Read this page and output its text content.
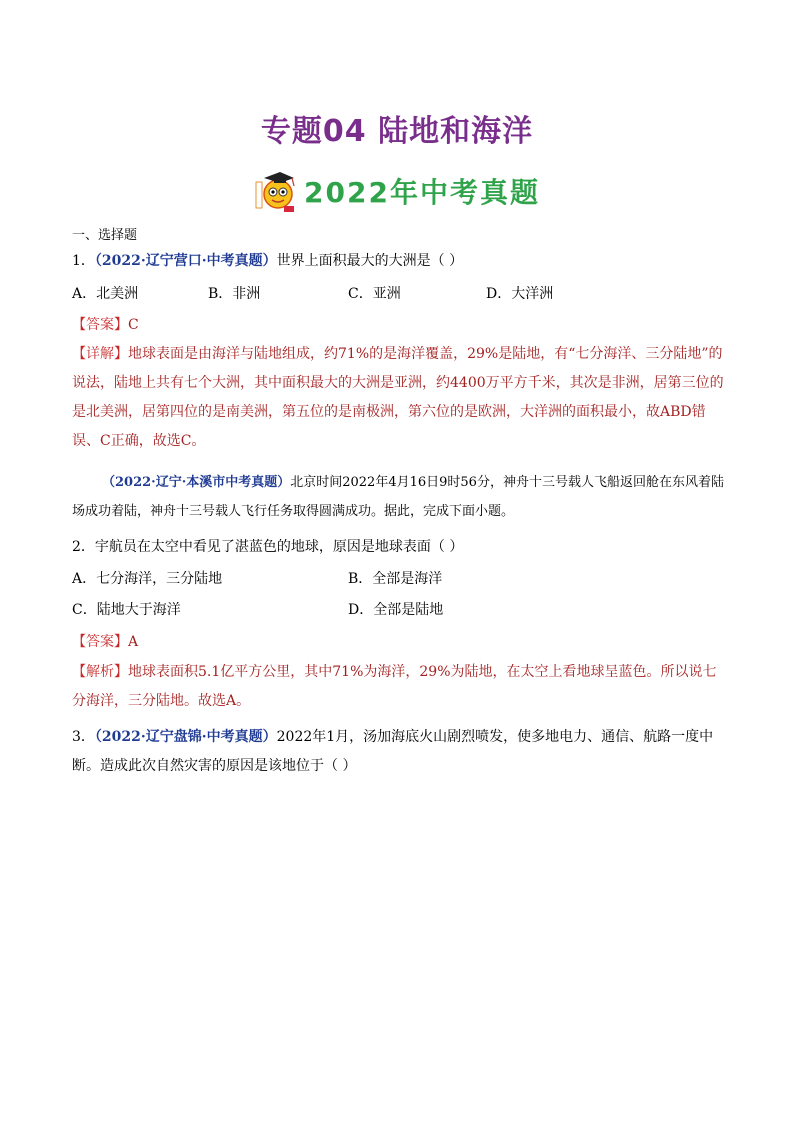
专题04 陆地和海洋
2022年中考真题
一、选择题
1．（2022·辽宁营口·中考真题）世界上面积最大的大洲是（ ）
A．北美洲	B．非洲	C．亚洲	D．大洋洲
【答案】C
【详解】地球表面是由海洋与陆地组成，约71%的是海洋覆盖，29%是陆地，有“七分海洋、三分陆地”的说法，陆地上共有七个大洲，其中面积最大的大洲是亚洲，约4400万平方千米，其次是非洲，居第三位的是北美洲，居第四位的是南美洲，第五位的是南极洲，第六位的是欧洲，大洋洲的面积最小，故ABD错误、C正确，故选C。
（2022·辽宁·本溪市中考真题）北京时间2022年4月16日9时56分，神舟十三号载人飞船返回舱在东风着陆场成功着陆，神舟十三号载人飞行任务取得圆满成功。据此，完成下面小题。
2．宇航员在太空中看见了湛蓝色的地球，原因是地球表面（ ）
A．七分海洋，三分陆地	B．全部是海洋
C．陆地大于海洋	D．全部是陆地
【答案】A
【解析】地球表面积5.1亿平方公里，其中71%为海洋，29%为陆地，在太空上看地球呈蓝色。所以说七分海洋，三分陆地。故选A。
3．（2022·辽宁盘锦·中考真题）2022年1月，汤加海底火山剧烈喷发，使多地电力、通信、航路一度中断。造成此次自然灾害的原因是该地位于（ ）
